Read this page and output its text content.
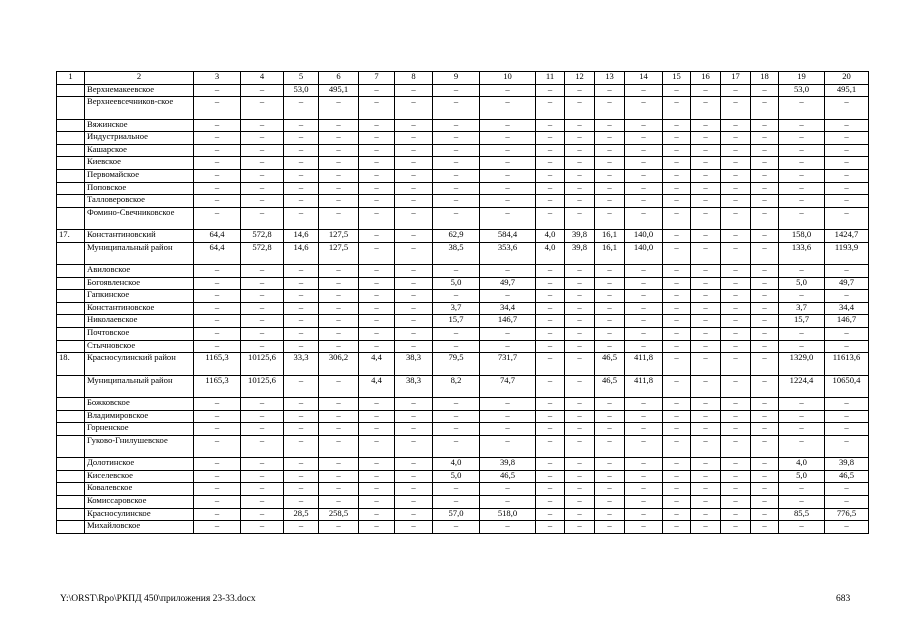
1	2	3	4	5	6	7	8	9	10	11	12	13	14	15	16	17	18	19	20
	Верхнемакеевское	–	–	53,0	495,1	–	–	–	–	–	–	–	–	–	–	–	–	53,0	495,1
	Верхнеевсечников-ское	–	–	–	–	–	–	–	–	–	–	–	–	–	–	–	–	–	–
	Вяжинское	–	–	–	–	–	–	–	–	–	–	–	–	–	–	–	–	–	–
	Индустриальное	–	–	–	–	–	–	–	–	–	–	–	–	–	–	–	–	–	–
	Кашарское	–	–	–	–	–	–	–	–	–	–	–	–	–	–	–	–	–	–
	Киевское	–	–	–	–	–	–	–	–	–	–	–	–	–	–	–	–	–	–
	Первомайское	–	–	–	–	–	–	–	–	–	–	–	–	–	–	–	–	–	–
	Поповское	–	–	–	–	–	–	–	–	–	–	–	–	–	–	–	–	–	–
	Талловеровское	–	–	–	–	–	–	–	–	–	–	–	–	–	–	–	–	–	–
	Фомино-Свечниковское	–	–	–	–	–	–	–	–	–	–	–	–	–	–	–	–	–	–
17.	Константиновский	64,4	572,8	14,6	127,5	–	–	62,9	584,4	4,0	39,8	16,1	140,0	–	–	–	–	158,0	1424,7
	Муниципальный район	64,4	572,8	14,6	127,5	–	–	38,5	353,6	4,0	39,8	16,1	140,0	–	–	–	–	133,6	1193,9
	Авиловское	–	–	–	–	–	–	–	–	–	–	–	–	–	–	–	–	–	–
	Богоявленское	–	–	–	–	–	–	5,0	49,7	–	–	–	–	–	–	–	–	5,0	49,7
	Гапкинское	–	–	–	–	–	–	–	–	–	–	–	–	–	–	–	–	–	–
	Константиновское	–	–	–	–	–	–	3,7	34,4	–	–	–	–	–	–	–	–	3,7	34,4
	Николаевское	–	–	–	–	–	–	15,7	146,7	–	–	–	–	–	–	–	–	15,7	146,7
	Почтовское	–	–	–	–	–	–	–	–	–	–	–	–	–	–	–	–	–	–
	Стычновское	–	–	–	–	–	–	–	–	–	–	–	–	–	–	–	–	–	–
18.	Красносулинский район	1165,3	10125,6	33,3	306,2	4,4	38,3	79,5	731,7	–	–	46,5	411,8	–	–	–	–	1329,0	11613,6
	Муниципальный район	1165,3	10125,6	–	–	4,4	38,3	8,2	74,7	–	–	46,5	411,8	–	–	–	–	1224,4	10650,4
	Божковское	–	–	–	–	–	–	–	–	–	–	–	–	–	–	–	–	–	–
	Владимировское	–	–	–	–	–	–	–	–	–	–	–	–	–	–	–	–	–	–
	Горненское	–	–	–	–	–	–	–	–	–	–	–	–	–	–	–	–	–	–
	Гуково-Гнилушевское	–	–	–	–	–	–	–	–	–	–	–	–	–	–	–	–	–	–
	Долотинское	–	–	–	–	–	–	4,0	39,8	–	–	–	–	–	–	–	–	4,0	39,8
	Киселевское	–	–	–	–	–	–	5,0	46,5	–	–	–	–	–	–	–	–	5,0	46,5
	Ковалевское	–	–	–	–	–	–	–	–	–	–	–	–	–	–	–	–	–	–
	Комиссаровское	–	–	–	–	–	–	–	–	–	–	–	–	–	–	–	–	–	–
	Красносулинское	–	–	28,5	258,5	–	–	57,0	518,0	–	–	–	–	–	–	–	–	85,5	776,5
	Михайловское	–	–	–	–	–	–	–	–	–	–	–	–	–	–	–	–	–	–
Y:\ORST\Rpo\РКПД 450\приложения 23-33.docx	683
